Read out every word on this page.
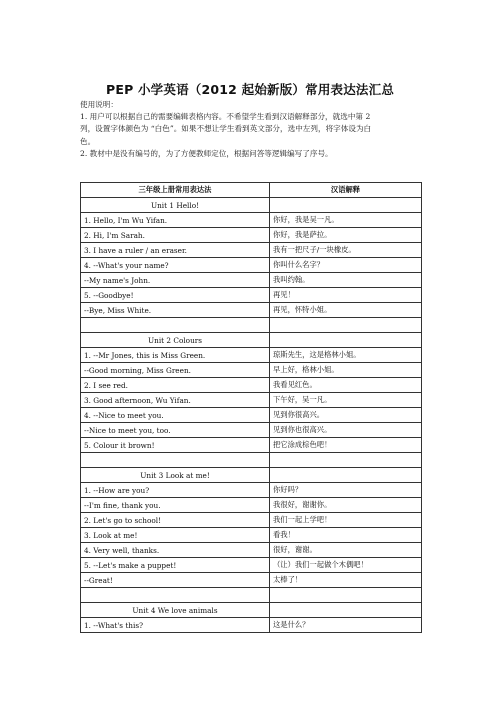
PEP 小学英语（2012 起始新版）常用表达法汇总

使用说明：

1. 用户可以根据自己的需要编辑表格内容。不希望学生看到汉语解释部分，就选中第 2

列，设置字体颜色为 “白色”。如果不想让学生看到英文部分，选中左列，将字体设为白

色。

2. 教材中是没有编号的，为了方便教师定位，根据问答等逻辑编写了序号。

三年级上册常用表达法	汉语解释
Unit 1 Hello!	
1. Hello, I'm Wu Yifan.	你好，我是吴一凡。
2. Hi, I'm Sarah.	你好，我是萨拉。
3. I have a ruler / an eraser.	我有一把尺子/一块橡皮。
4. --What's your name?	你叫什么名字？
--My name's John.	我叫约翰。
5. --Goodbye!	再见！
--Bye, Miss White.	再见，怀特小姐。

Unit 2 Colours	
1. --Mr Jones, this is Miss Green.	琼斯先生，这是格林小姐。
--Good morning, Miss Green.	早上好，格林小姐。
2. I see red.	我看见红色。
3. Good afternoon, Wu Yifan.	下午好，吴一凡。
4. --Nice to meet you.	见到你很高兴。
--Nice to meet you, too.	见到你也很高兴。
5. Colour it brown!	把它涂成棕色吧！

Unit 3 Look at me!	
1. --How are you?	你好吗？
--I'm fine, thank you.	我很好，谢谢你。
2. Let's go to school!	我们一起上学吧！
3. Look at me!	看我！
4. Very well, thanks.	很好，谢谢。
5. --Let's make a puppet!	（让）我们一起做个木偶吧！
--Great!	太棒了！

Unit 4 We love animals	
1. --What's this?	这是什么？
